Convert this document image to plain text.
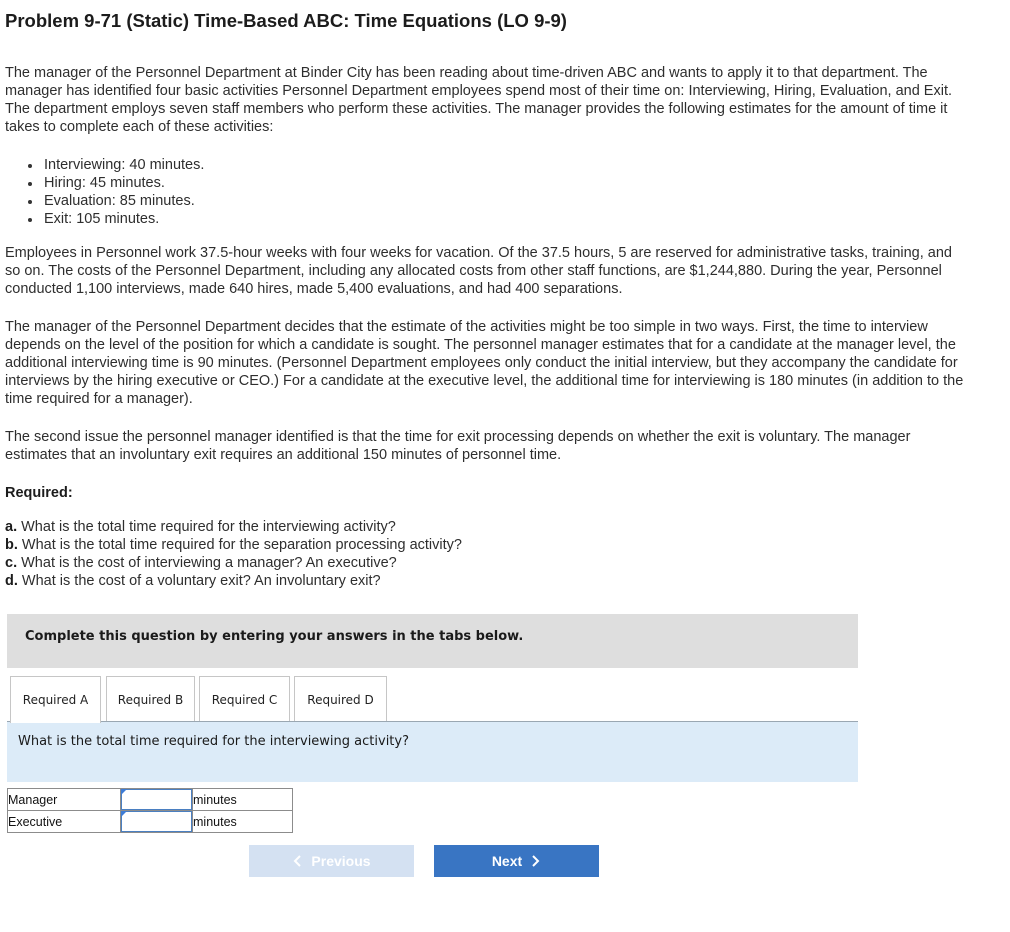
Problem 9-71 (Static) Time-Based ABC: Time Equations (LO 9-9)

The manager of the Personnel Department at Binder City has been reading about time-driven ABC and wants to apply it to that department. The manager has identified four basic activities Personnel Department employees spend most of their time on: Interviewing, Hiring, Evaluation, and Exit. The department employs seven staff members who perform these activities. The manager provides the following estimates for the amount of time it takes to complete each of these activities:

Interviewing: 40 minutes.
Hiring: 45 minutes.
Evaluation: 85 minutes.
Exit: 105 minutes.

Employees in Personnel work 37.5-hour weeks with four weeks for vacation. Of the 37.5 hours, 5 are reserved for administrative tasks, training, and so on. The costs of the Personnel Department, including any allocated costs from other staff functions, are $1,244,880. During the year, Personnel conducted 1,100 interviews, made 640 hires, made 5,400 evaluations, and had 400 separations.

The manager of the Personnel Department decides that the estimate of the activities might be too simple in two ways. First, the time to interview depends on the level of the position for which a candidate is sought. The personnel manager estimates that for a candidate at the manager level, the additional interviewing time is 90 minutes. (Personnel Department employees only conduct the initial interview, but they accompany the candidate for interviews by the hiring executive or CEO.) For a candidate at the executive level, the additional time for interviewing is 180 minutes (in addition to the time required for a manager).

The second issue the personnel manager identified is that the time for exit processing depends on whether the exit is voluntary. The manager estimates that an involuntary exit requires an additional 150 minutes of personnel time.

Required:
a. What is the total time required for the interviewing activity?
b. What is the total time required for the separation processing activity?
c. What is the cost of interviewing a manager? An executive?
d. What is the cost of a voluntary exit? An involuntary exit?
Complete this question by entering your answers in the tabs below.
Required A	Required B	Required C	Required D
What is the total time required for the interviewing activity?
Manager		minutes
Executive		minutes
Previous	Next
